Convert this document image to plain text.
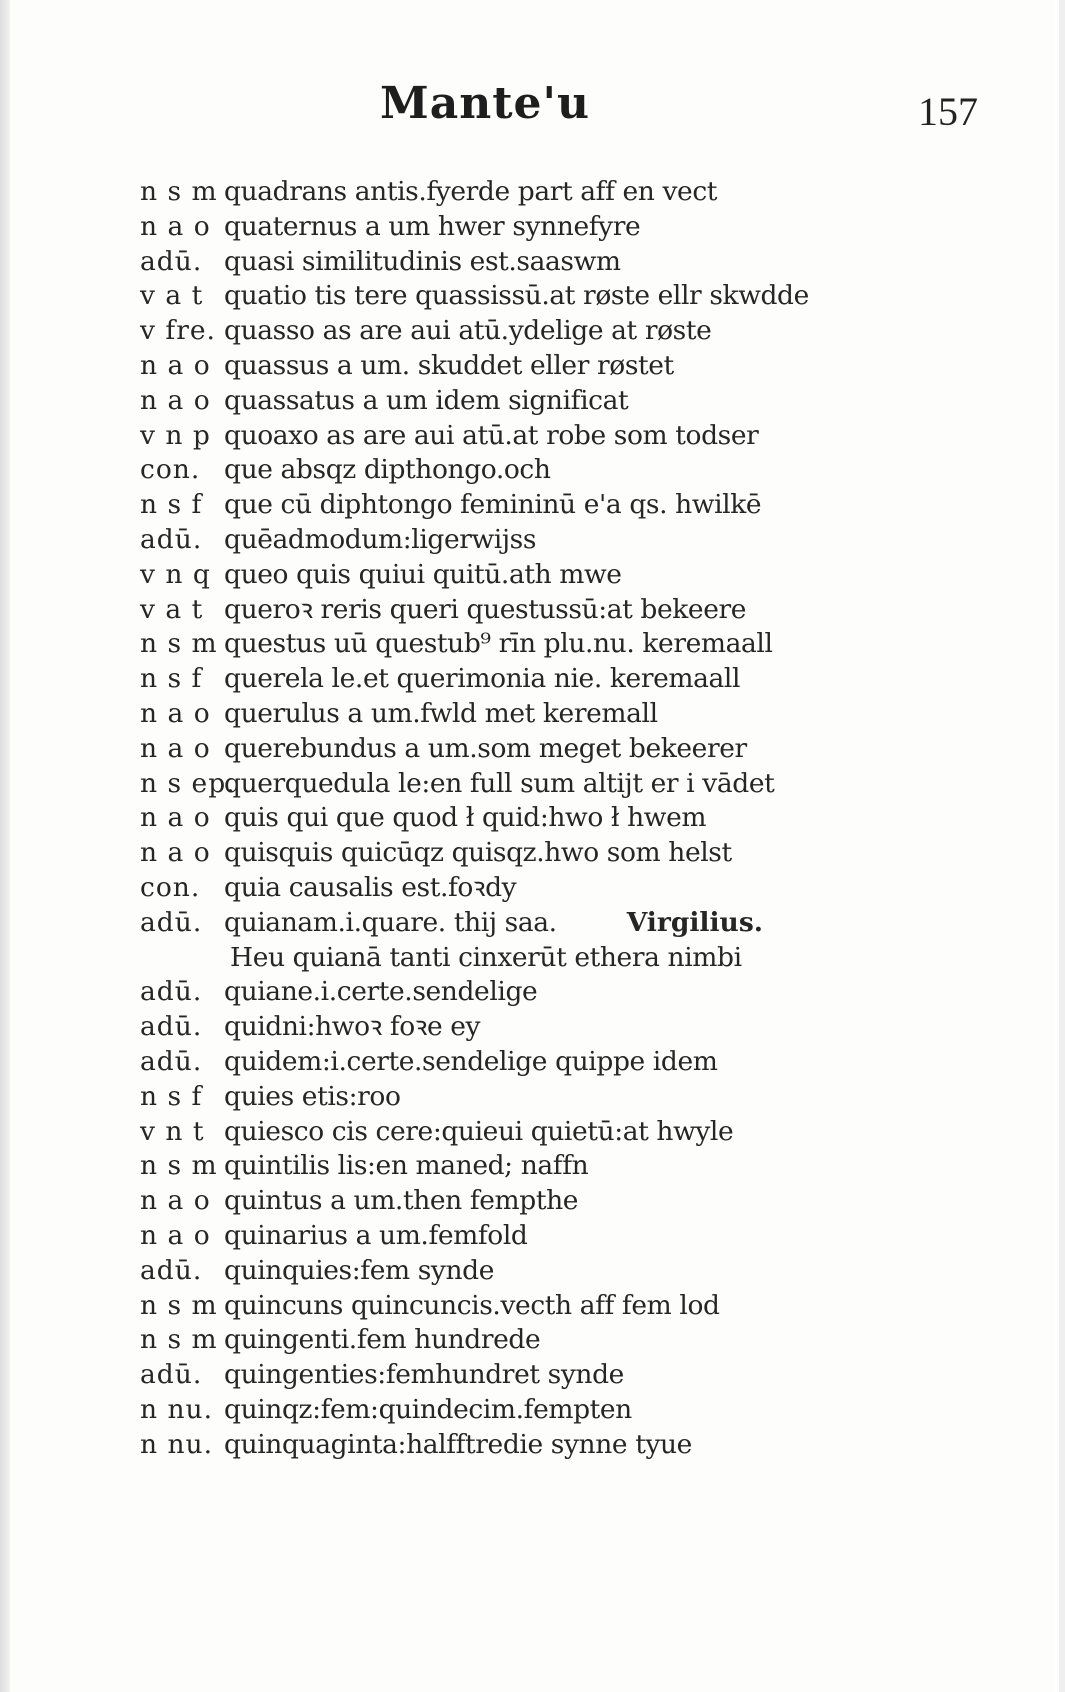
Mante'u	157
n s m quadrans antis.fyerde part aff en vect
n a o quaternus a um hwer synnefyre
adū. quasi similitudinis est.saaswm
v a t quatio tis tere quassissū.at røste ellr skwdde
v fre. quasso as are aui atū.ydelige at røste
n a o quassus a um. skuddet eller røstet
n a o quassatus a um idem significat
v n p quoaxo as are aui atū.at robe som todser
con. que absqz dipthongo.och
n s f que cū diphtongo femininū e'a qs. hwilkē
adū. quēadmodum:ligerwijss
v n q queo quis quiui quitū.ath mwe
v a t queroꝛ reris queri questussū:at bekeere
n s m questus uū questub⁹ rīn plu.nu. keremaall
n s f querela le.et querimonia nie. keremaall
n a o querulus a um.fwld met keremall
n a o querebundus a um.som meget bekeerer
n s ep.
querquedula le:en full sum altijt er i vādet
n a o quis qui que quod ł quid:hwo ł hwem
n a o quisquis quicūqz quisqz.hwo som helst
con. quia causalis est.foꝛdy
adū. quianam.i.quare. thij saa.	Virgilius.
Heu quianā tanti cinxerūt ethera nimbi
adū. quiane.i.certe.sendelige
adū. quidni:hwoꝛ foꝛe ey
adū. quidem:i.certe.sendelige quippe idem
n s f quies etis:roo
v n t quiesco cis cere:quieui quietū:at hwyle
n s m quintilis lis:en maned; naffn
n a o quintus a um.then fempthe
n a o quinarius a um.femfold
adū. quinquies:fem synde
n s m quincuns quincuncis.vecth aff fem lod
n s m quingenti.fem hundrede
adū. quingenties:femhundret synde
n nu. quinqz:fem:quindecim.fempten
n nu. quinquaginta:halfftredie synne tyue
